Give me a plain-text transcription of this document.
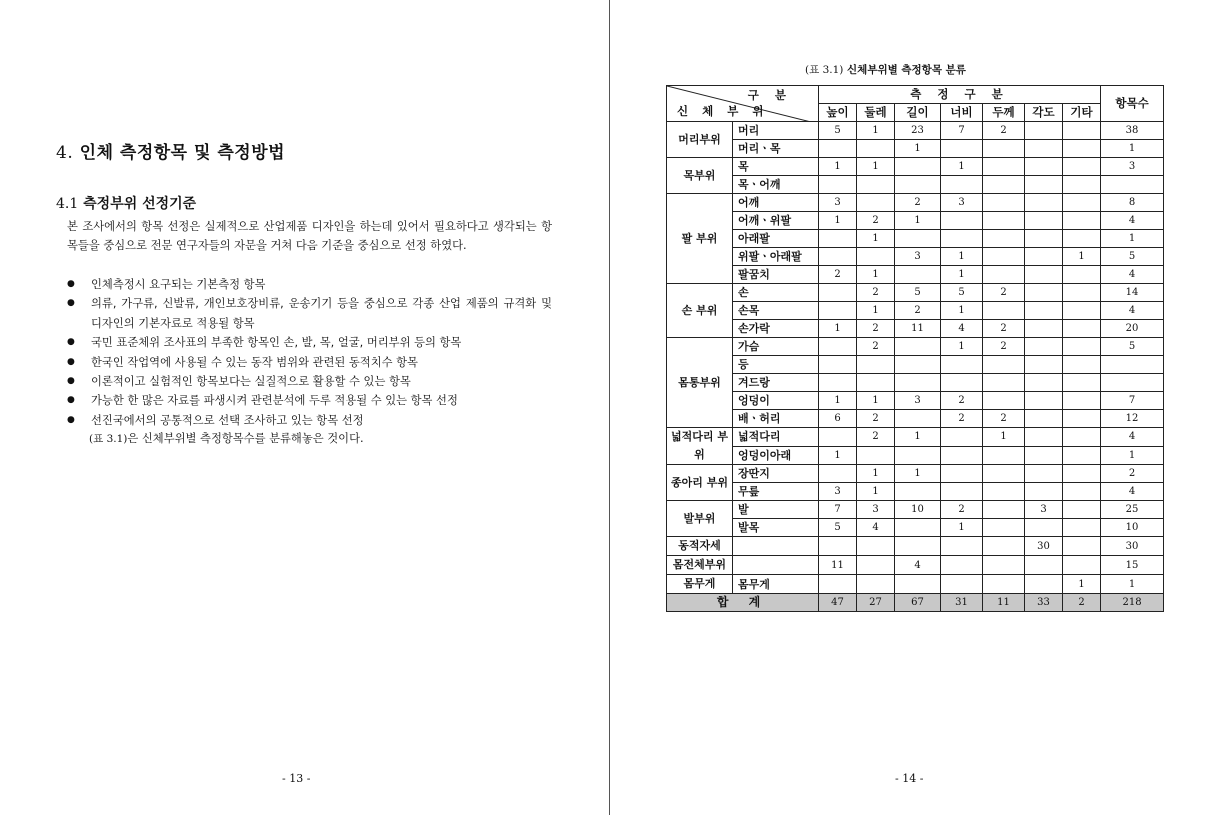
4. 인체 측정항목 및 측정방법
4.1 측정부위 선정기준
본 조사에서의 항목 선정은 실제적으로 산업제품 디자인을 하는데 있어서 필요하다고 생각되는 항목들을 중심으로 전문 연구자들의 자문을 거쳐 다음 기준을 중심으로 선정 하였다.
● 인체측정시 요구되는 기본측정 항목
● 의류, 가구류, 신발류, 개인보호장비류, 운송기기 등을 중심으로 각종 산업 제품의 규격화 및 디자인의 기본자료로 적용될 항목
● 국민 표준체위 조사표의 부족한 항목인 손, 발, 목, 얼굴, 머리부위 등의 항목
● 한국인 작업역에 사용될 수 있는 동작 범위와 관련된 동적치수 항목
● 이론적이고 실험적인 항목보다는 실질적으로 활용할 수 있는 항목
● 가능한 한 많은 자료를 파생시켜 관련분석에 두루 적용될 수 있는 항목 선정
● 선진국에서의 공통적으로 선택 조사하고 있는 항목 선정
(표 3.1)은 신체부위별 측정항목수를 분류해놓은 것이다.
- 13 -
(표 3.1) 신체부위별 측정항목 분류
구 분
신 체 부 위		측 정 구 분							항목수
		높이	둘레	길이	너비	두께	각도	기타	
머리부위	머리	5	1	23	7	2			38
	머리ㆍ목			1					1
목부위	목	1	1		1				3
	목ㆍ어깨								
팔 부위	어깨	3		2	3				8
	어깨ㆍ위팔	1	2	1					4
	아래팔		1						1
	위팔ㆍ아래팔			3	1			1	5
	팔꿈치	2	1		1				4
손 부위	손		2	5	5	2			14
	손목		1	2	1				4
	손가락	1	2	11	4	2			20
몸통부위	가슴		2		1	2			5
	등								
	겨드랑								
	엉덩이	1	1	3	2				7
	배ㆍ허리	6	2		2	2			12
넓적다리 부위	넓적다리		2	1		1			4
	엉덩이아래	1							1
종아리 부위	장딴지		1	1					2
	무릎	3	1						4
발부위	발	7	3	10	2		3		25
	발목	5	4		1				10
동적자세							30		30
몸전체부위		11		4					15
몸무게	몸무게							1	1
합 계		47	27	67	31	11	33	2	218
- 14 -
